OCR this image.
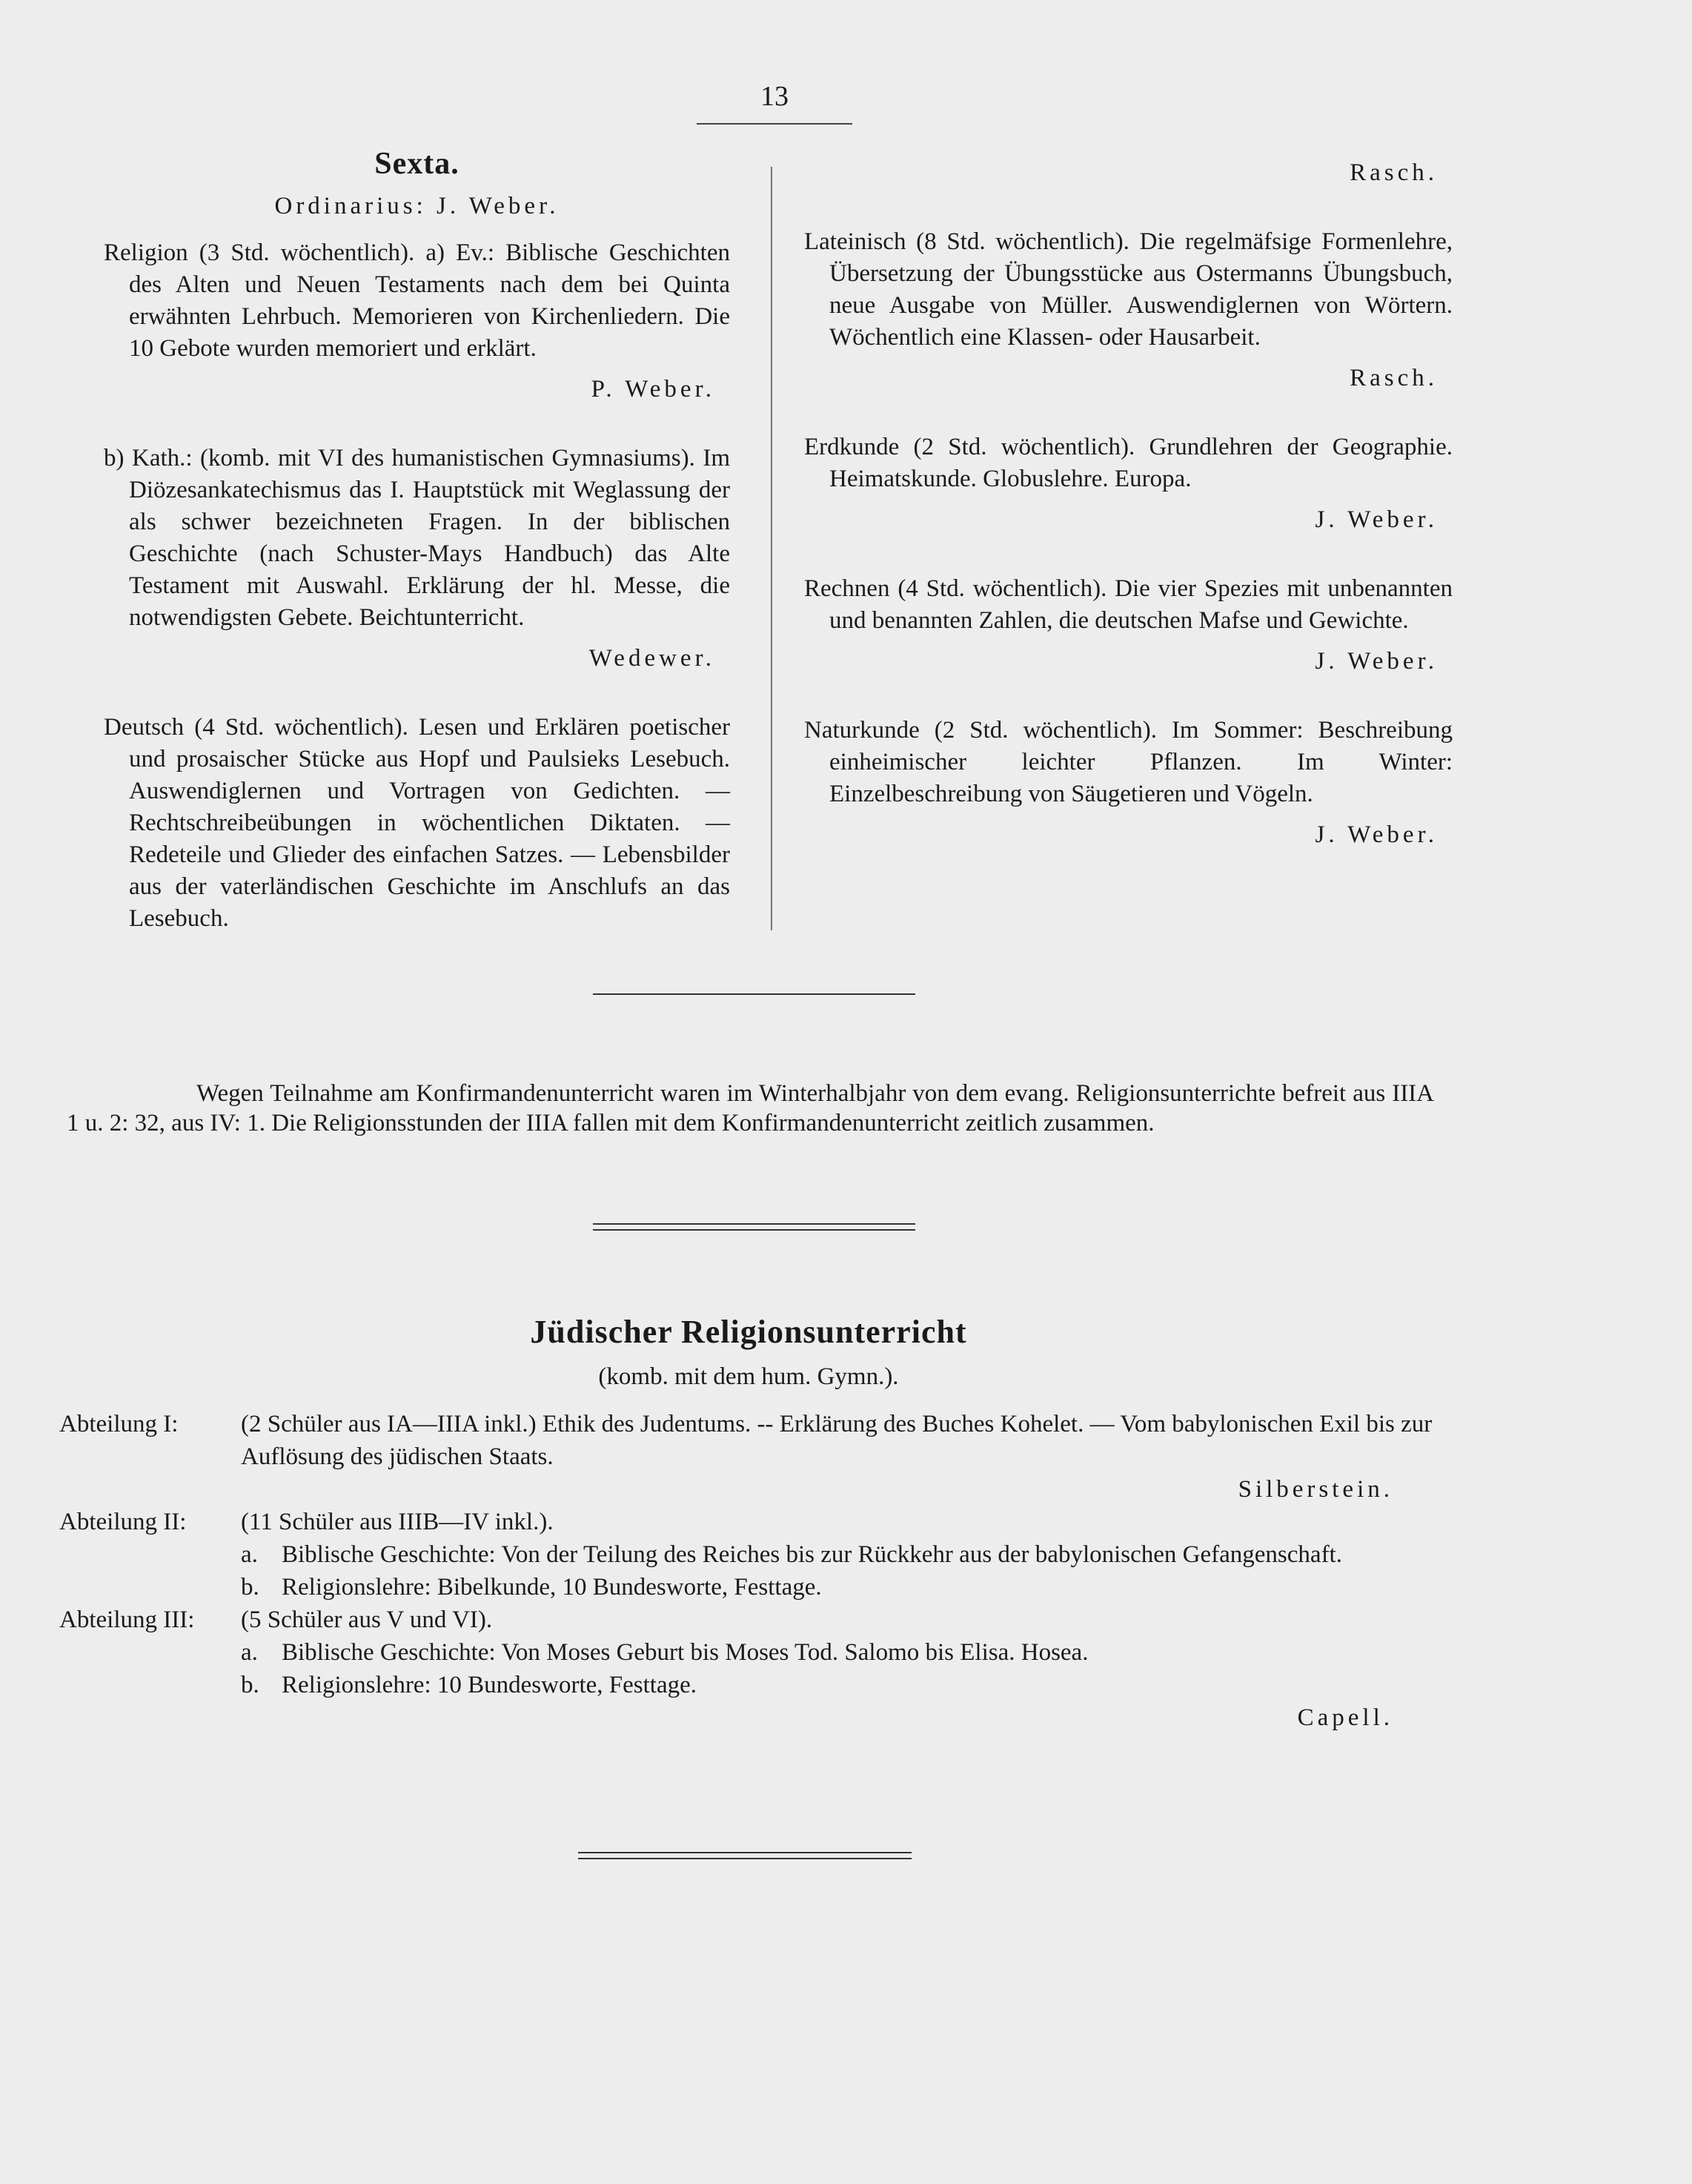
13
Sexta.
Ordinarius: J. Weber.
Religion (3 Std. wöchentlich). a) Ev.: Biblische Geschichten des Alten und Neuen Testaments nach dem bei Quinta erwähnten Lehrbuch. Memorieren von Kirchenliedern. Die 10 Gebote wurden memoriert und erklärt.
P. Weber.
b) Kath.: (komb. mit VI des humanistischen Gymnasiums). Im Diözesankatechismus das I. Hauptstück mit Weglassung der als schwer bezeichneten Fragen. In der biblischen Geschichte (nach Schuster-Mays Handbuch) das Alte Testament mit Auswahl. Erklärung der hl. Messe, die notwendigsten Gebete. Beichtunterricht.
Wedewer.
Deutsch (4 Std. wöchentlich). Lesen und Erklären poetischer und prosaischer Stücke aus Hopf und Paulsieks Lesebuch. Auswendiglernen und Vortragen von Gedichten. — Rechtschreibeübungen in wöchentlichen Diktaten. — Redeteile und Glieder des einfachen Satzes. — Lebensbilder aus der vaterländischen Geschichte im Anschlufs an das Lesebuch.
Rasch.
Lateinisch (8 Std. wöchentlich). Die regelmäfsige Formenlehre, Übersetzung der Übungsstücke aus Ostermanns Übungsbuch, neue Ausgabe von Müller. Auswendiglernen von Wörtern. Wöchentlich eine Klassen- oder Hausarbeit.
Rasch.
Erdkunde (2 Std. wöchentlich). Grundlehren der Geographie. Heimatskunde. Globuslehre. Europa.
J. Weber.
Rechnen (4 Std. wöchentlich). Die vier Spezies mit unbenannten und benannten Zahlen, die deutschen Mafse und Gewichte.
J. Weber.
Naturkunde (2 Std. wöchentlich). Im Sommer: Beschreibung einheimischer leichter Pflanzen. Im Winter: Einzelbeschreibung von Säugetieren und Vögeln.
J. Weber.
Wegen Teilnahme am Konfirmandenunterricht waren im Winterhalbjahr von dem evang. Religionsunterrichte befreit aus IIIA 1 u. 2: 32, aus IV: 1. Die Religionsstunden der IIIA fallen mit dem Konfirmandenunterricht zeitlich zusammen.
Jüdischer Religionsunterricht
(komb. mit dem hum. Gymn.).
Abteilung I:	(2 Schüler aus IA—IIIA inkl.) Ethik des Judentums. -- Erklärung des Buches Kohelet. — Vom babylonischen Exil bis zur Auflösung des jüdischen Staats.
Silberstein.
Abteilung II:	(11 Schüler aus IIIB—IV inkl.).
a. Biblische Geschichte: Von der Teilung des Reiches bis zur Rückkehr aus der babylonischen Gefangenschaft.
b. Religionslehre: Bibelkunde, 10 Bundesworte, Festtage.
Abteilung III:	(5 Schüler aus V und VI).
a. Biblische Geschichte: Von Moses Geburt bis Moses Tod. Salomo bis Elisa. Hosea.
b. Religionslehre: 10 Bundesworte, Festtage.
Capell.
